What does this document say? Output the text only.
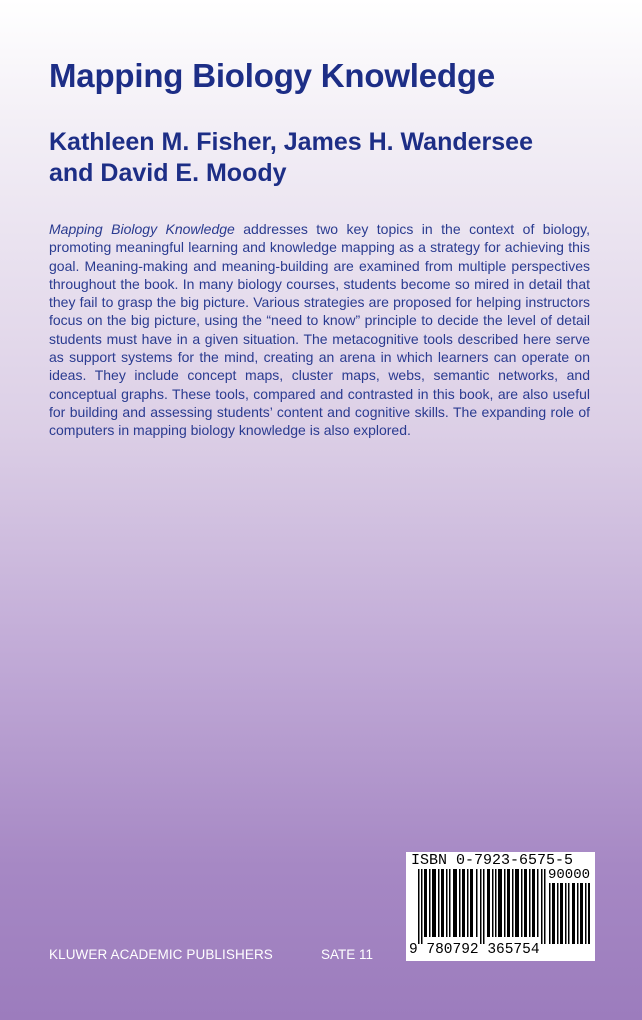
Mapping Biology Knowledge
Kathleen M. Fisher, James H. Wandersee
and David E. Moody

Mapping Biology Knowledge addresses two key topics in the context of biology, promoting meaningful learning and knowledge mapping as a strategy for achieving this goal. Meaning-making and meaning-building are examined from multiple perspectives throughout the book. In many biology courses, students become so mired in detail that they fail to grasp the big picture. Various strategies are proposed for helping instructors focus on the big picture, using the “need to know” principle to decide the level of detail students must have in a given situation. The metacognitive tools described here serve as support systems for the mind, creating an arena in which learners can operate on ideas. They include concept maps, cluster maps, webs, semantic networks, and conceptual graphs. These tools, compared and contrasted in this book, are also useful for building and assessing students’ content and cognitive skills. The expanding role of computers in mapping biology knowledge is also explored.

KLUWER ACADEMIC PUBLISHERS	SATE 11
ISBN 0-7923-6575-5
90000
9 780792 365754
